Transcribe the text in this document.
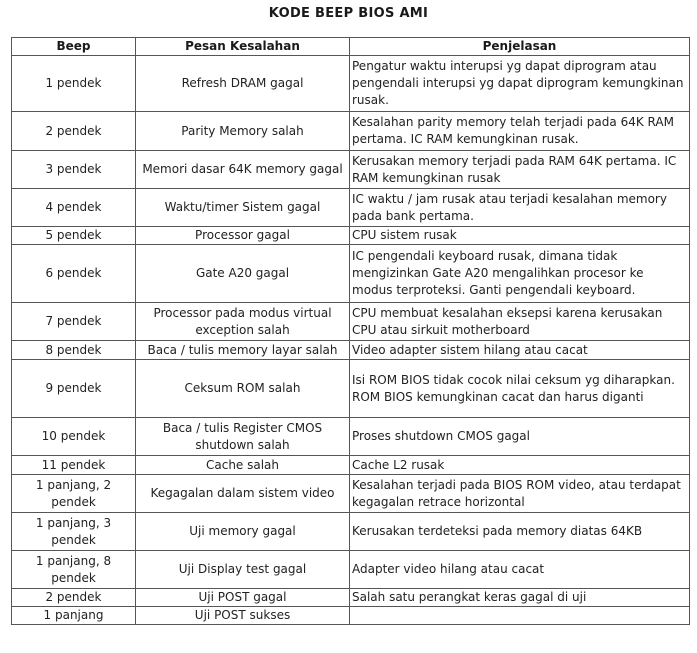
KODE BEEP BIOS AMI
Beep	Pesan Kesalahan	Penjelasan
1 pendek	Refresh DRAM gagal	Pengatur waktu interupsi yg dapat diprogram atau pengendali interupsi yg dapat diprogram kemungkinan rusak.
2 pendek	Parity Memory salah	Kesalahan parity memory telah terjadi pada 64K RAM pertama. IC RAM kemungkinan rusak.
3 pendek	Memori dasar 64K memory gagal	Kerusakan memory terjadi pada RAM 64K pertama. IC RAM kemungkinan rusak
4 pendek	Waktu/timer Sistem gagal	IC waktu / jam rusak atau terjadi kesalahan memory pada bank pertama.
5 pendek	Processor gagal	CPU sistem rusak
6 pendek	Gate A20 gagal	IC pengendali keyboard rusak, dimana tidak mengizinkan Gate A20 mengalihkan procesor ke modus terproteksi. Ganti pengendali keyboard.
7 pendek	Processor pada modus virtual exception salah	CPU membuat kesalahan eksepsi karena kerusakan CPU atau sirkuit motherboard
8 pendek	Baca / tulis memory layar salah	Video adapter sistem hilang atau cacat
9 pendek	Ceksum ROM salah	Isi ROM BIOS tidak cocok nilai ceksum yg diharapkan. ROM BIOS kemungkinan cacat dan harus diganti
10 pendek	Baca / tulis Register CMOS shutdown salah	Proses shutdown CMOS gagal
11 pendek	Cache salah	Cache L2 rusak
1 panjang, 2 pendek	Kegagalan dalam sistem video	Kesalahan terjadi pada BIOS ROM video, atau terdapat kegagalan retrace horizontal
1 panjang, 3 pendek	Uji memory gagal	Kerusakan terdeteksi pada memory diatas 64KB
1 panjang, 8 pendek	Uji Display test gagal	Adapter video hilang atau cacat
2 pendek	Uji POST gagal	Salah satu perangkat keras gagal di uji
1 panjang	Uji POST sukses	
